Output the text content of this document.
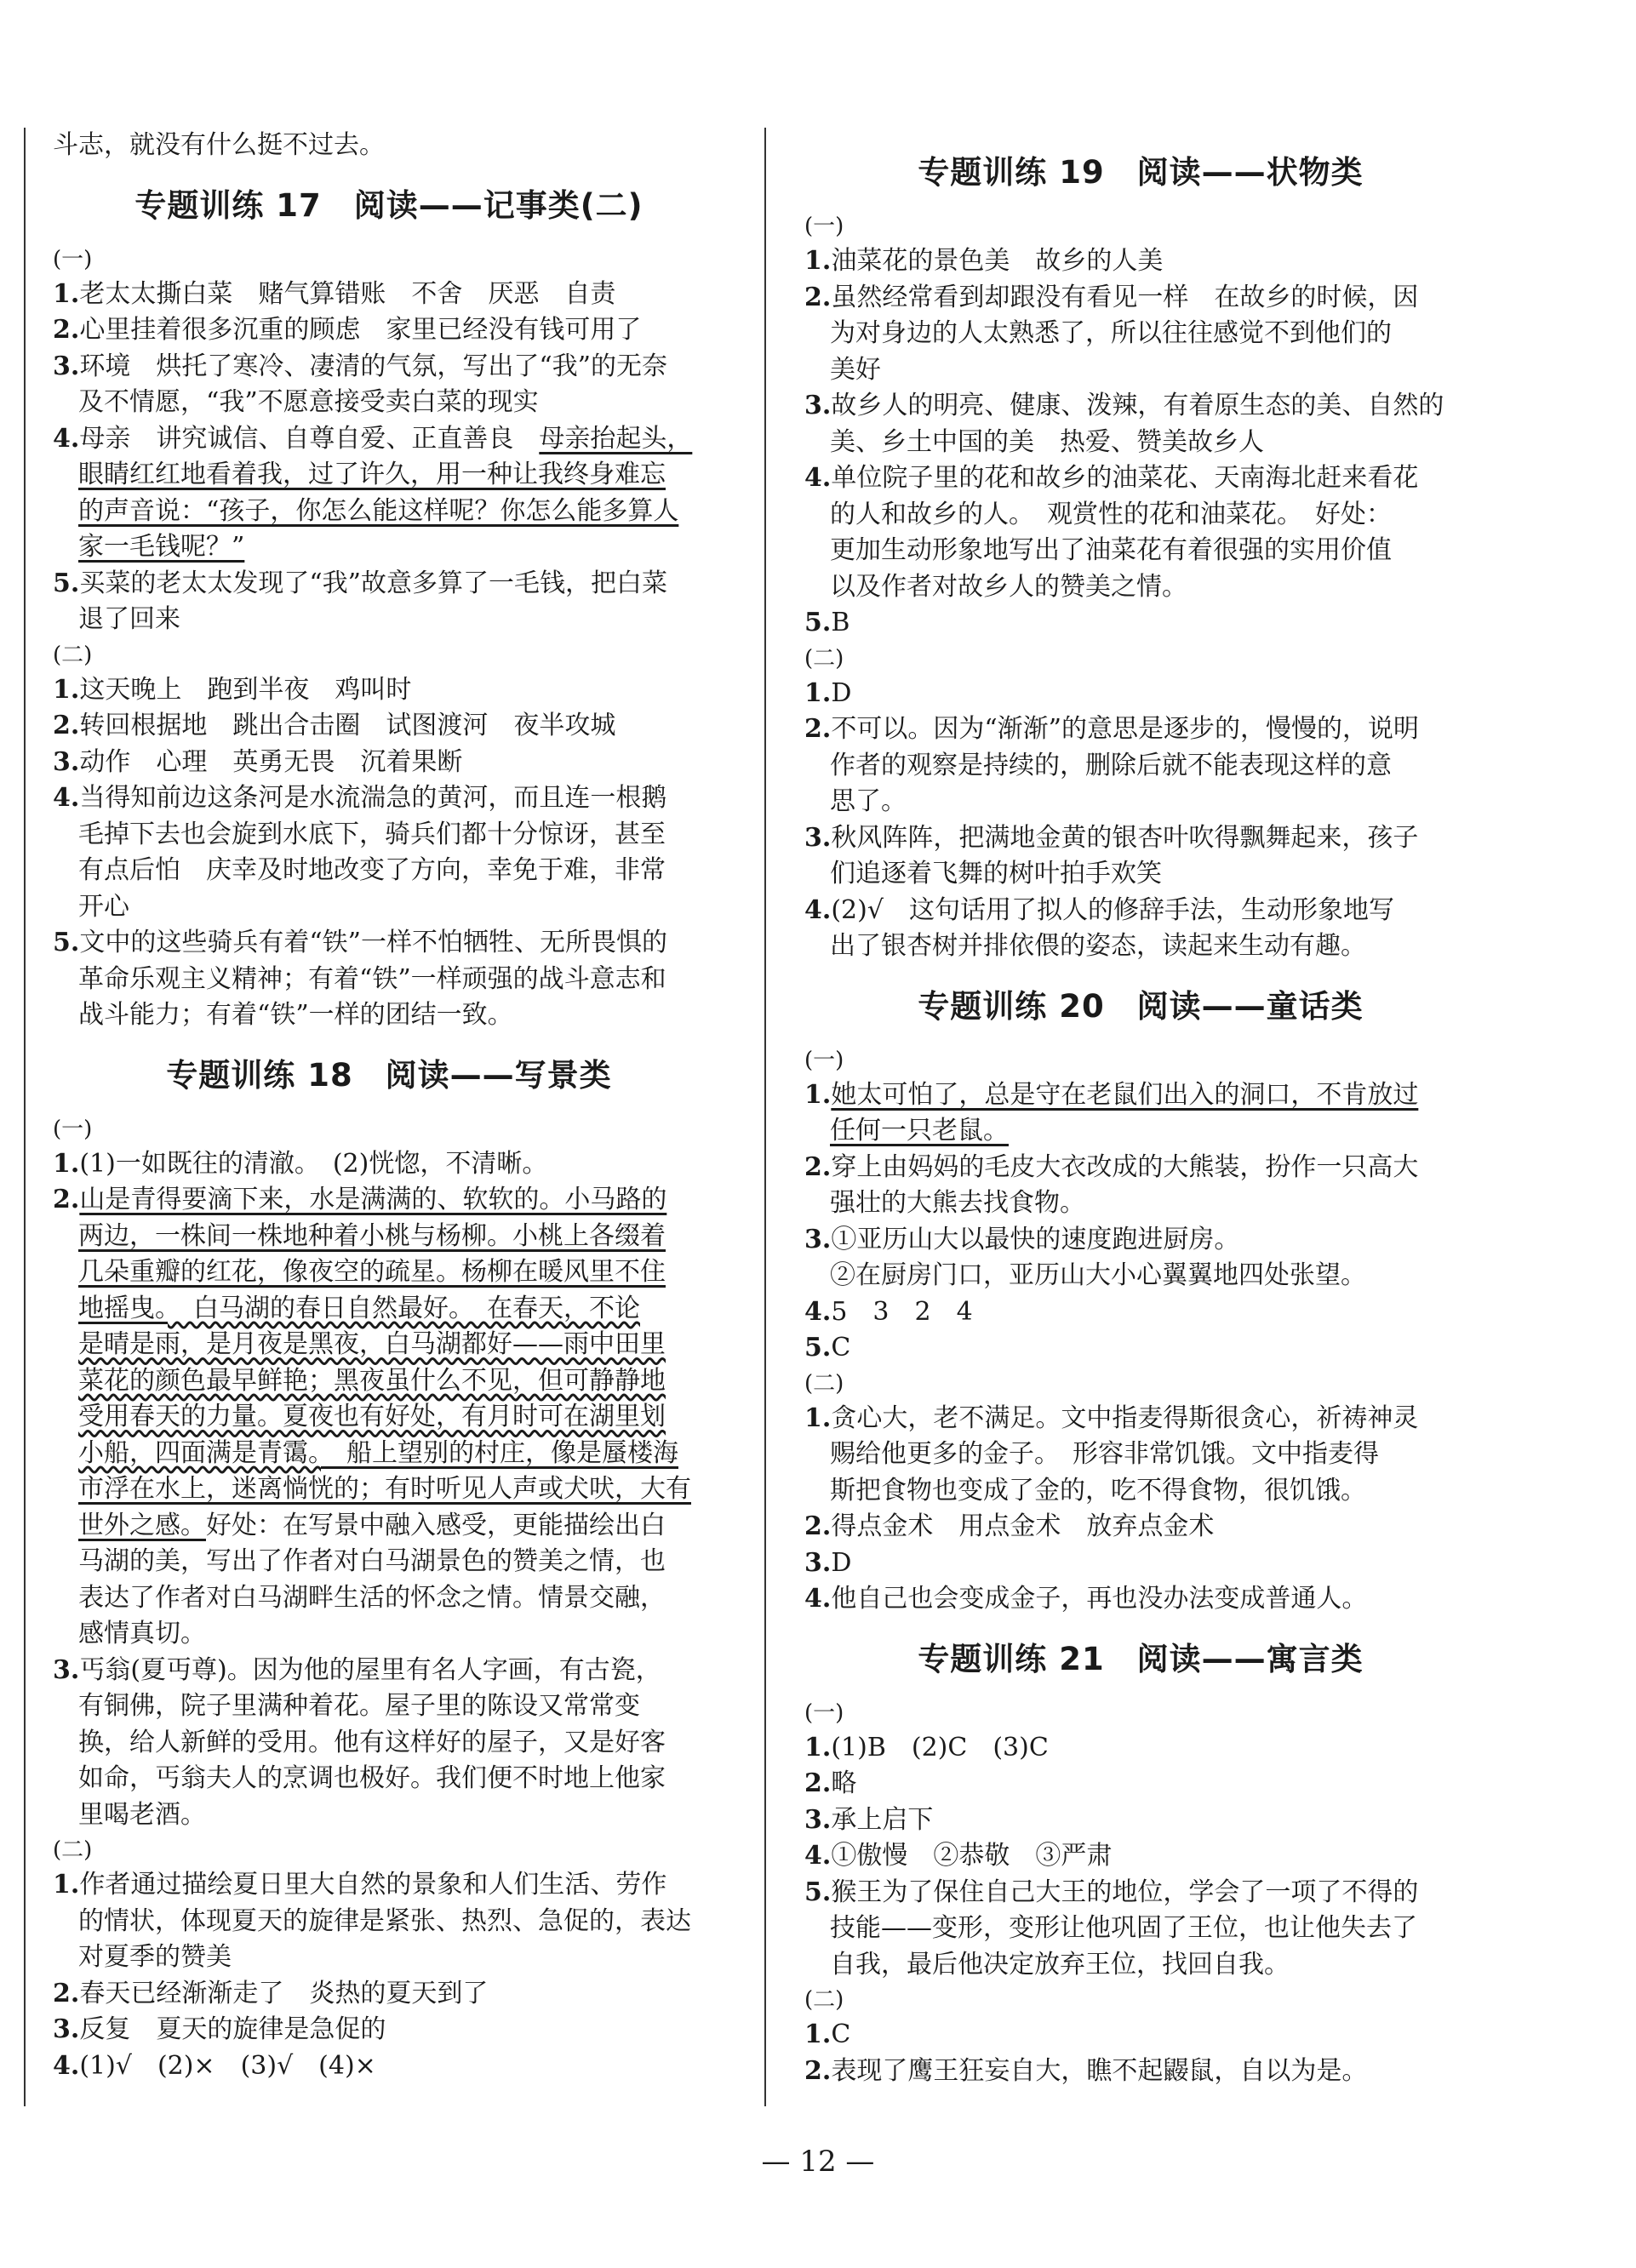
斗志，就没有什么挺不过去。

专题训练 17　阅读——记事类(二)

(一)

1.老太太撕白菜　赌气算错账　不舍　厌恶　自责

2.心里挂着很多沉重的顾虑　家里已经没有钱可用了

3.环境　烘托了寒冷、凄清的气氛，写出了“我”的无奈

及不情愿，“我”不愿意接受卖白菜的现实

4.母亲　讲究诚信、自尊自爱、正直善良　母亲抬起头，

眼睛红红地看着我，过了许久，用一种让我终身难忘

的声音说：“孩子，你怎么能这样呢？你怎么能多算人

家一毛钱呢？”

5.买菜的老太太发现了“我”故意多算了一毛钱，把白菜

退了回来

(二)

1.这天晚上　跑到半夜　鸡叫时

2.转回根据地　跳出合击圈　试图渡河　夜半攻城

3.动作　心理　英勇无畏　沉着果断

4.当得知前边这条河是水流湍急的黄河，而且连一根鹅

毛掉下去也会旋到水底下，骑兵们都十分惊讶，甚至

有点后怕　庆幸及时地改变了方向，幸免于难，非常

开心

5.文中的这些骑兵有着“铁”一样不怕牺牲、无所畏惧的

革命乐观主义精神；有着“铁”一样顽强的战斗意志和

战斗能力；有着“铁”一样的团结一致。

专题训练 18　阅读——写景类

(一)

1.(1)一如既往的清澈。　(2)恍惚，不清晰。

2.山是青得要滴下来，水是满满的、软软的。小马路的

两边，一株间一株地种着小桃与杨柳。小桃上各缀着

几朵重瓣的红花，像夜空的疏星。杨柳在暖风里不住

地摇曳。　白马湖的春日自然最好。　在春天，不论

是晴是雨，是月夜是黑夜，白马湖都好——雨中田里

菜花的颜色最早鲜艳；黑夜虽什么不见，但可静静地

受用春天的力量。夏夜也有好处，有月时可在湖里划

小船，四面满是青霭。　船上望别的村庄，像是蜃楼海

市浮在水上，迷离惝恍的；有时听见人声或犬吠，大有

世外之感。好处：在写景中融入感受，更能描绘出白

马湖的美，写出了作者对白马湖景色的赞美之情，也

表达了作者对白马湖畔生活的怀念之情。情景交融，

感情真切。

3.丐翁(夏丏尊)。因为他的屋里有名人字画，有古瓷，

有铜佛，院子里满种着花。屋子里的陈设又常常变

换，给人新鲜的受用。他有这样好的屋子，又是好客

如命，丐翁夫人的烹调也极好。我们便不时地上他家

里喝老酒。

(二)

1.作者通过描绘夏日里大自然的景象和人们生活、劳作

的情状，体现夏天的旋律是紧张、热烈、急促的，表达

对夏季的赞美

2.春天已经渐渐走了　炎热的夏天到了

3.反复　夏天的旋律是急促的

4.(1)√　(2)×　(3)√　(4)×

专题训练 19　阅读——状物类

(一)

1.油菜花的景色美　故乡的人美

2.虽然经常看到却跟没有看见一样　在故乡的时候，因

为对身边的人太熟悉了，所以往往感觉不到他们的

美好

3.故乡人的明亮、健康、泼辣，有着原生态的美、自然的

美、乡土中国的美　热爱、赞美故乡人

4.单位院子里的花和故乡的油菜花、天南海北赶来看花

的人和故乡的人。　观赏性的花和油菜花。　好处：

更加生动形象地写出了油菜花有着很强的实用价值

以及作者对故乡人的赞美之情。

5.B

(二)

1.D

2.不可以。因为“渐渐”的意思是逐步的，慢慢的，说明

作者的观察是持续的，删除后就不能表现这样的意

思了。

3.秋风阵阵，把满地金黄的银杏叶吹得飘舞起来，孩子

们追逐着飞舞的树叶拍手欢笑

4.(2)√　这句话用了拟人的修辞手法，生动形象地写

出了银杏树并排依偎的姿态，读起来生动有趣。

专题训练 20　阅读——童话类

(一)

1.她太可怕了，总是守在老鼠们出入的洞口，不肯放过

任何一只老鼠。

2.穿上由妈妈的毛皮大衣改成的大熊装，扮作一只高大

强壮的大熊去找食物。

3.①亚历山大以最快的速度跑进厨房。

②在厨房门口，亚历山大小心翼翼地四处张望。

4.5　3　2　4

5.C

(二)

1.贪心大，老不满足。文中指麦得斯很贪心，祈祷神灵

赐给他更多的金子。　形容非常饥饿。文中指麦得

斯把食物也变成了金的，吃不得食物，很饥饿。

2.得点金术　用点金术　放弃点金术

3.D

4.他自己也会变成金子，再也没办法变成普通人。

专题训练 21　阅读——寓言类

(一)

1.(1)B　(2)C　(3)C

2.略

3.承上启下

4.①傲慢　②恭敬　③严肃

5.猴王为了保住自己大王的地位，学会了一项了不得的

技能——变形，变形让他巩固了王位，也让他失去了

自我，最后他决定放弃王位，找回自我。

(二)

1.C

2.表现了鹰王狂妄自大，瞧不起鼹鼠，自以为是。

— 12 —
